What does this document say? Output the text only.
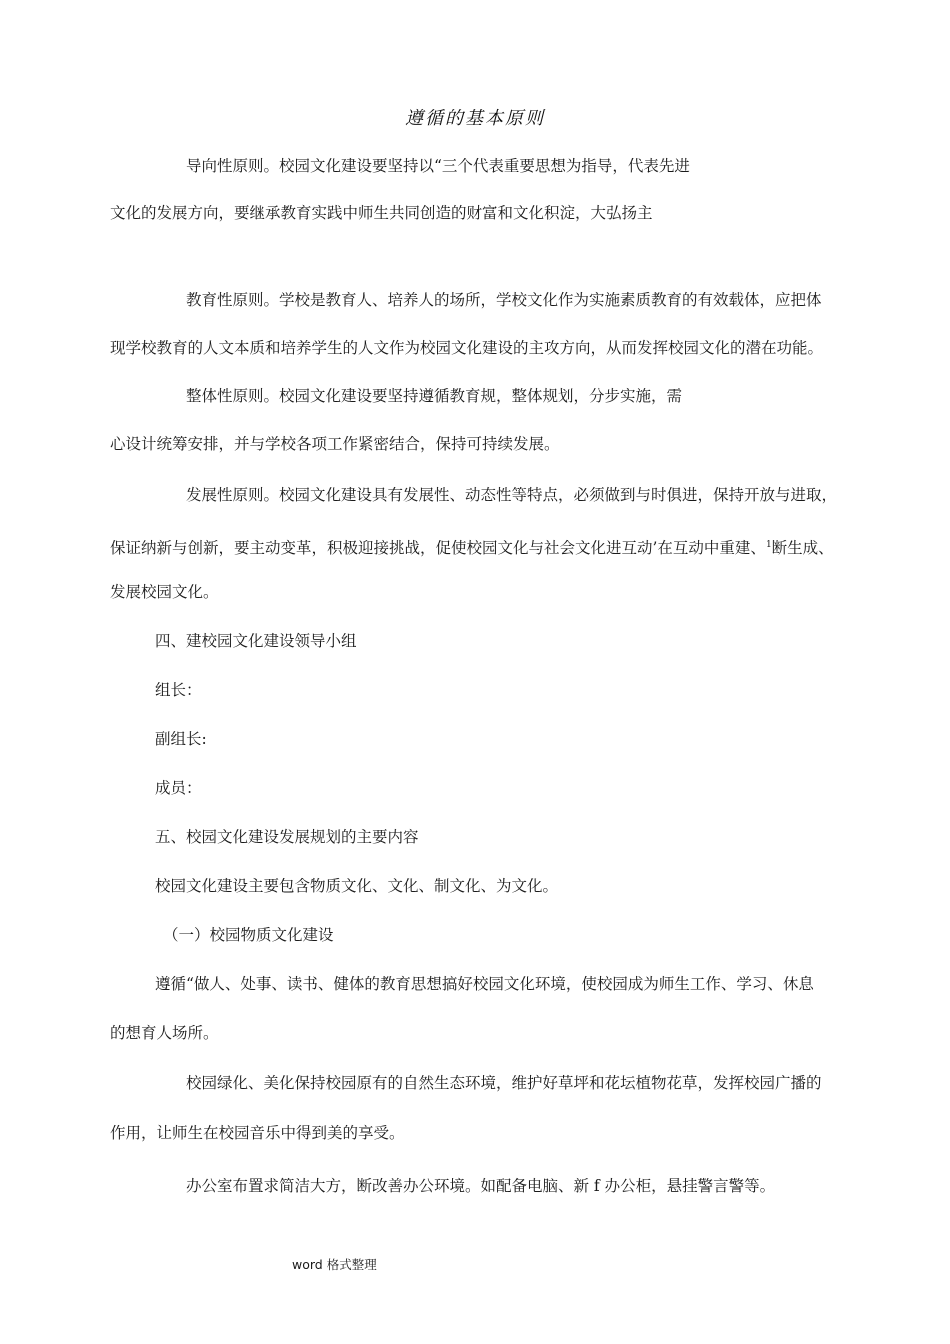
遵循的基本原则
导向性原则。校园文化建设要坚持以“三个代表重要思想为指导，代表先进
文化的发展方向，要继承教育实践中师生共同创造的财富和文化积淀，大弘扬主
教育性原则。学校是教育人、培养人的场所，学校文化作为实施素质教育的有效载体，应把体
现学校教育的人文本质和培养学生的人文作为校园文化建设的主攻方向，从而发挥校园文化的潜在功能。
整体性原则。校园文化建设要坚持遵循教育规，整体规划，分步实施，需
心设计统筹安排，并与学校各项工作紧密结合，保持可持续发展。
发展性原则。校园文化建设具有发展性、动态性等特点，必须做到与时俱进，保持开放与进取，
保证纳新与创新，要主动变革，积极迎接挑战，促使校园文化与社会文化进互动’在互动中重建、$^1$断生成、
发展校园文化。
四、建校园文化建设领导小组
组长：
副组长:
成员：
五、校园文化建设发展规划的主要内容
校园文化建设主要包含物质文化、文化、制文化、为文化。
（一）校园物质文化建设
遵循“做人、处事、读书、健体的教育思想搞好校园文化环境，使校园成为师生工作、学习、休息
的想育人场所。
校园绿化、美化保持校园原有的自然生态环境，维护好草坪和花坛植物花草，发挥校园广播的
作用，让师生在校园音乐中得到美的享受。
办公室布置求简洁大方，断改善办公环境。如配备电脑、新 f 办公柜，悬挂警言警等。
word 格式整理
